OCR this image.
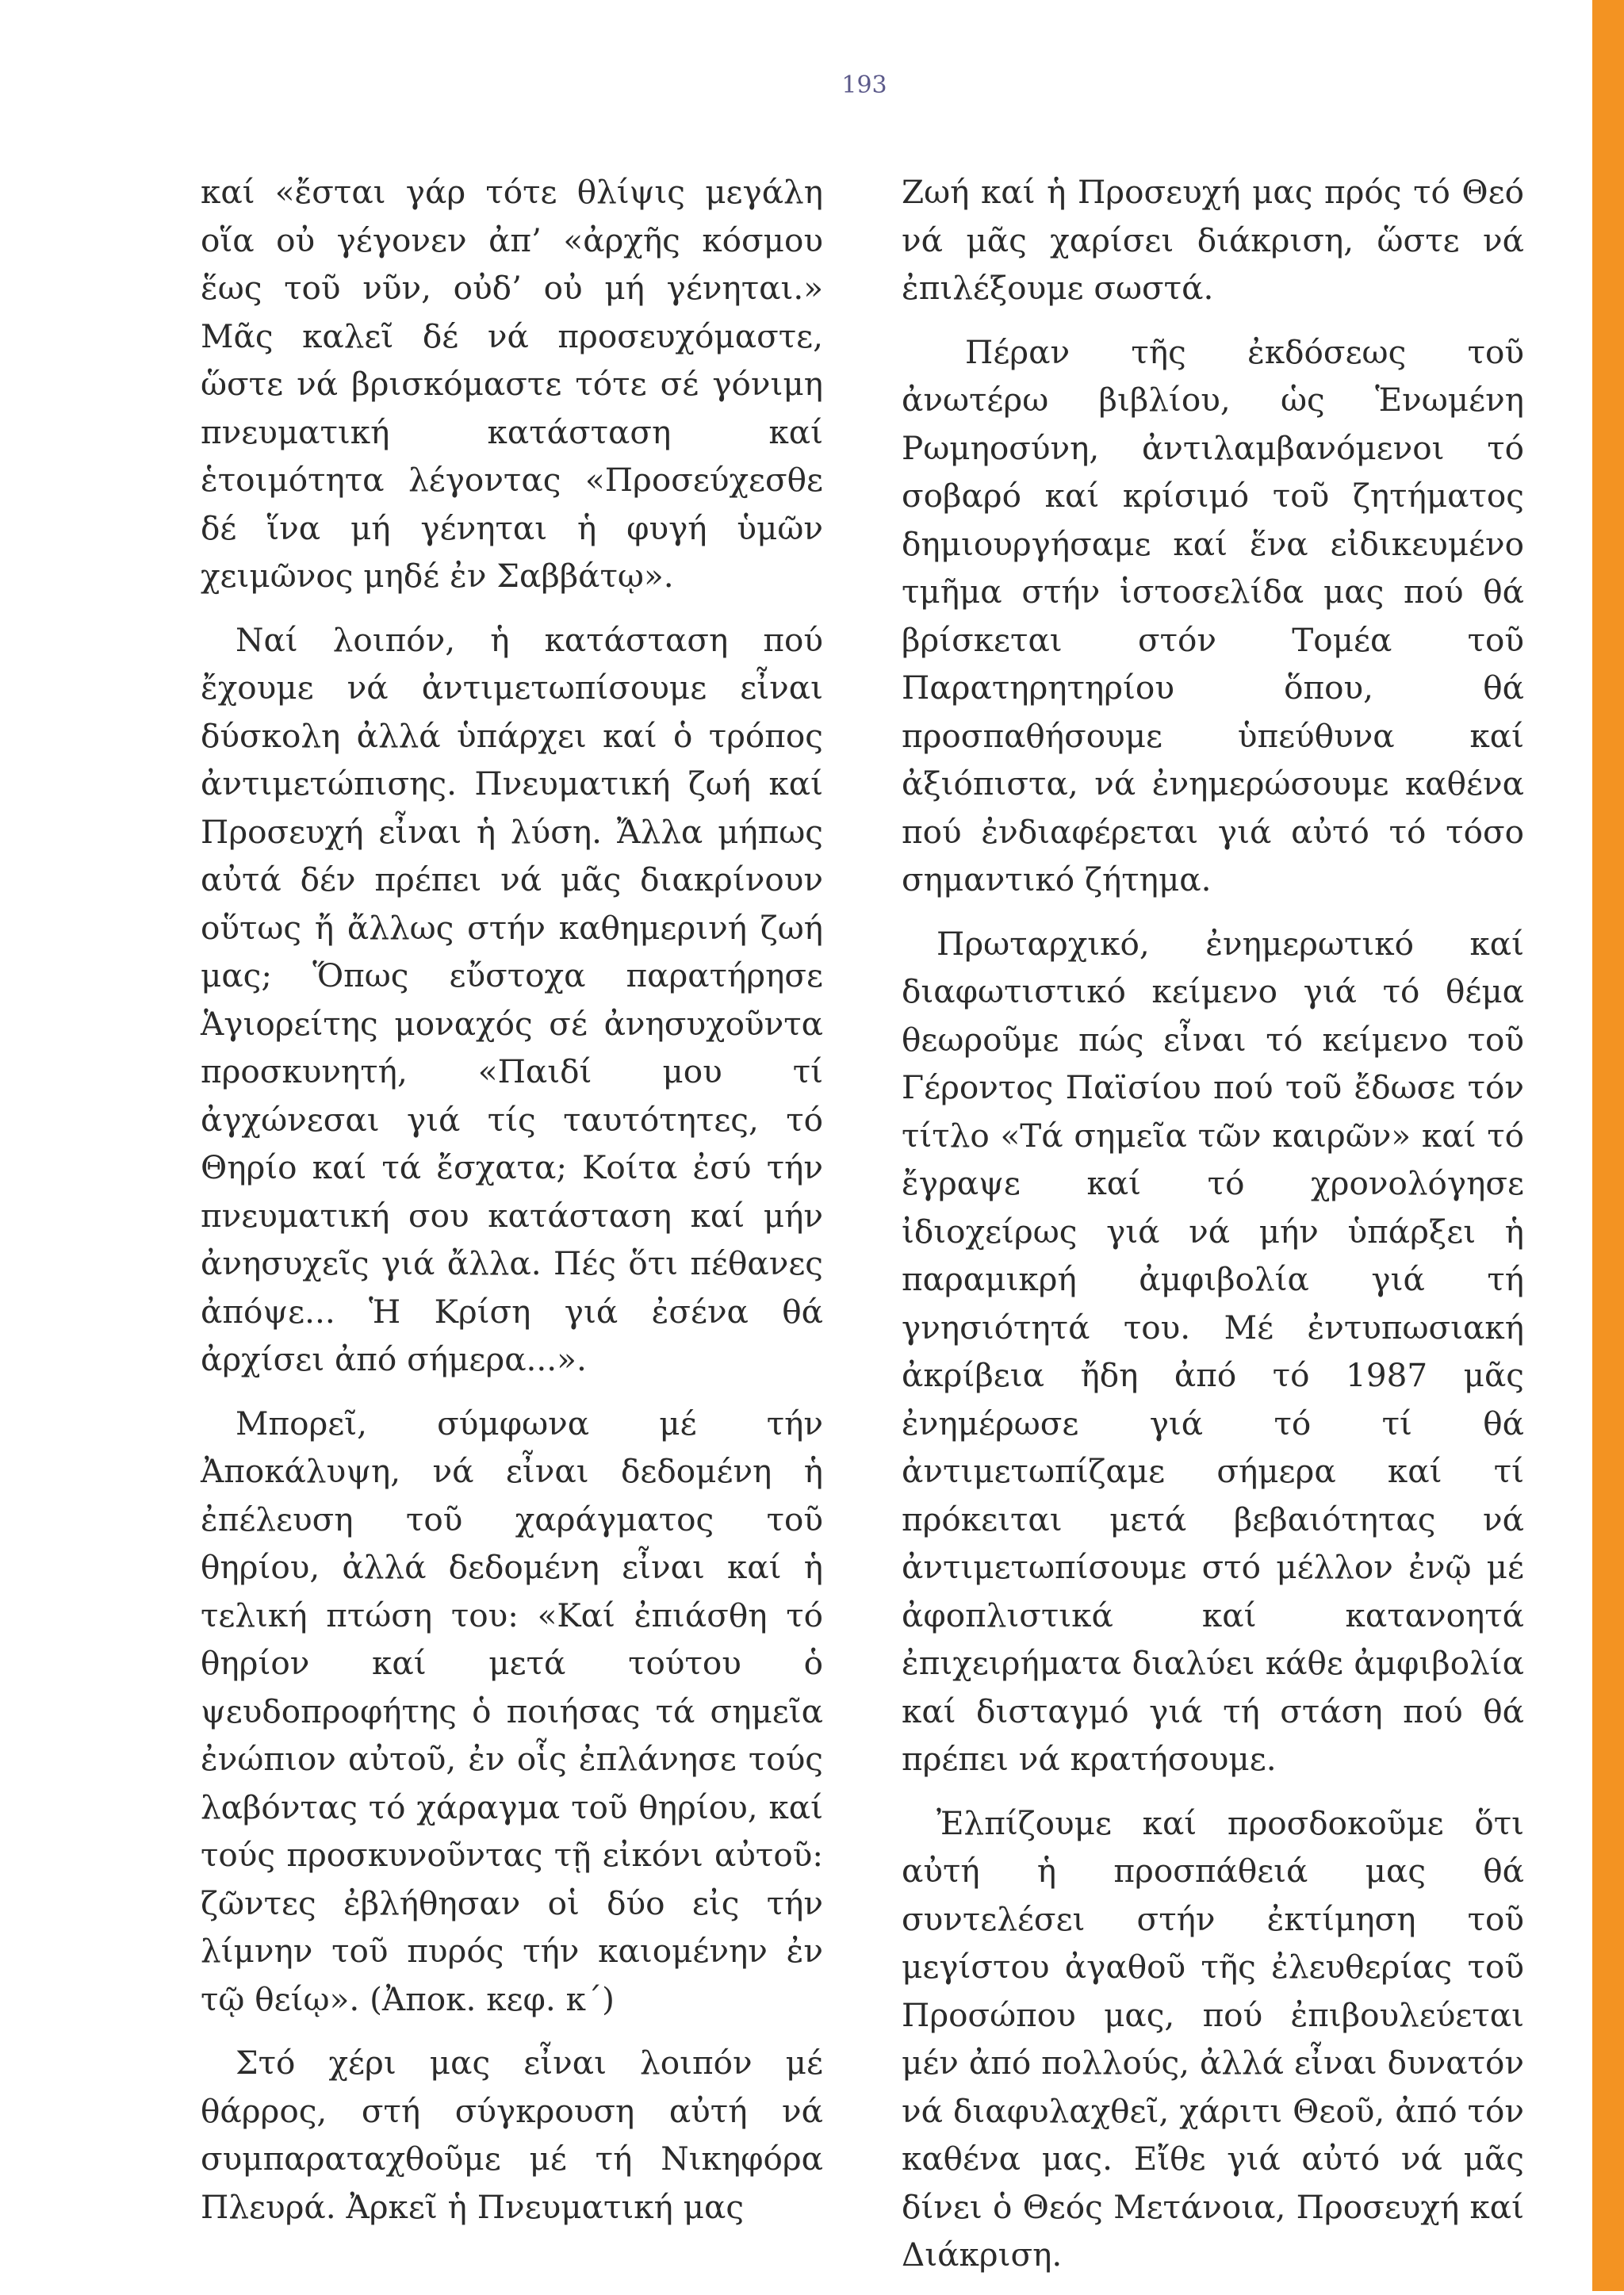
193

καί «ἔσται γάρ τότε θλίψις μεγάλη οἵα οὐ γέγονεν ἀπ’ «ἀρχῆς κόσμου ἕως τοῦ νῦν, οὐδ’ οὐ μή γένηται.» Μᾶς καλεῖ δέ νά προσευχόμαστε, ὥστε νά βρισκόμαστε τότε σέ γόνιμη πνευματική κατάσταση καί ἑτοιμότητα λέγοντας «Προσεύχεσθε δέ ἵνα μή γένηται ἡ φυγή ὑμῶν χειμῶνος μηδέ ἐν Σαββάτῳ».

Ναί λοιπόν, ἡ κατάσταση πού ἔχουμε νά ἀντιμετωπίσουμε εἶναι δύσκολη ἀλλά ὑπάρχει καί ὁ τρόπος ἀντιμετώπισης. Πνευματική ζωή καί Προσευχή εἶναι ἡ λύση. Ἄλλα μήπως αὐτά δέν πρέπει νά μᾶς διακρίνουν οὕτως ἤ ἄλλως στήν καθημερινή ζωή μας; Ὅπως εὔστοχα παρατήρησε Ἁγιορείτης μοναχός σέ ἀνησυχοῦντα προσκυνητή, «Παιδί μου τί ἀγχώνεσαι γιά τίς ταυτότητες, τό Θηρίο καί τά ἔσχατα; Κοίτα ἐσύ τήν πνευματική σου κατάσταση καί μήν ἀνησυχεῖς γιά ἄλλα. Πές ὅτι πέθανες ἀπόψε... Ἡ Κρίση γιά ἐσένα θά ἀρχίσει ἀπό σήμερα...».

Μπορεῖ, σύμφωνα μέ τήν Ἀποκάλυψη, νά εἶναι δεδομένη ἡ ἐπέλευση τοῦ χαράγματος τοῦ θηρίου, ἀλλά δεδομένη εἶναι καί ἡ τελική πτώση του: «Καί ἐπιάσθη τό θηρίον καί μετά τούτου ὁ ψευδοπροφήτης ὁ ποιήσας τά σημεῖα ἐνώπιον αὐτοῦ, ἐν οἷς ἐπλάνησε τούς λαβόντας τό χάραγμα τοῦ θηρίου, καί τούς προσκυνοῦντας τῇ εἰκόνι αὐτοῦ: ζῶντες ἐβλήθησαν οἱ δύο εἰς τήν λίμνην τοῦ πυρός τήν καιομένην ἐν τῷ θείῳ». (Ἀποκ. κεφ. κ΄)

Στό χέρι μας εἶναι λοιπόν μέ θάρρος, στή σύγκρουση αὐτή νά συμπαραταχθοῦμε μέ τή Νικηφόρα Πλευρά. Ἀρκεῖ ἡ Πνευματική μας

Ζωή καί ἡ Προσευχή μας πρός τό Θεό νά μᾶς χαρίσει διάκριση, ὥστε νά ἐπιλέξουμε σωστά.

Πέραν τῆς ἐκδόσεως τοῦ ἀνωτέρω βιβλίου, ὡς Ἑνωμένη Ρωμηοσύνη, ἀντιλαμβανόμενοι τό σοβαρό καί κρίσιμό τοῦ ζητήματος δημιουργήσαμε καί ἕνα εἰδικευμένο τμῆμα στήν ἱστοσελίδα μας πού θά βρίσκεται στόν Τομέα τοῦ Παρατηρητηρίου ὅπου, θά προσπαθήσουμε ὑπεύθυνα καί ἀξιόπιστα, νά ἐνημερώσουμε καθένα πού ἐνδιαφέρεται γιά αὐτό τό τόσο σημαντικό ζήτημα.

Πρωταρχικό, ἐνημερωτικό καί διαφωτιστικό κείμενο γιά τό θέμα θεωροῦμε πώς εἶναι τό κείμενο τοῦ Γέροντος Παϊσίου πού τοῦ ἔδωσε τόν τίτλο «Τά σημεῖα τῶν καιρῶν» καί τό ἔγραψε καί τό χρονολόγησε ἰδιοχείρως γιά νά μήν ὑπάρξει ἡ παραμικρή ἀμφιβολία γιά τή γνησιότητά του. Μέ ἐντυπωσιακή ἀκρίβεια ἤδη ἀπό τό 1987 μᾶς ἐνημέρωσε γιά τό τί θά ἀντιμετωπίζαμε σήμερα καί τί πρόκειται μετά βεβαιότητας νά ἀντιμετωπίσουμε στό μέλλον ἐνῷ μέ ἀφοπλιστικά καί κατανοητά ἐπιχειρήματα διαλύει κάθε ἀμφιβολία καί δισταγμό γιά τή στάση πού θά πρέπει νά κρατήσουμε.

Ἐλπίζουμε καί προσδοκοῦμε ὅτι αὐτή ἡ προσπάθειά μας θά συντελέσει στήν ἐκτίμηση τοῦ μεγίστου ἀγαθοῦ τῆς ἐλευθερίας τοῦ Προσώπου μας, πού ἐπιβουλεύεται μέν ἀπό πολλούς, ἀλλά εἶναι δυνατόν νά διαφυλαχθεῖ, χάριτι Θεοῦ, ἀπό τόν καθένα μας. Εἴθε γιά αὐτό νά μᾶς δίνει ὁ Θεός Μετάνοια, Προσευχή καί Διάκριση.
